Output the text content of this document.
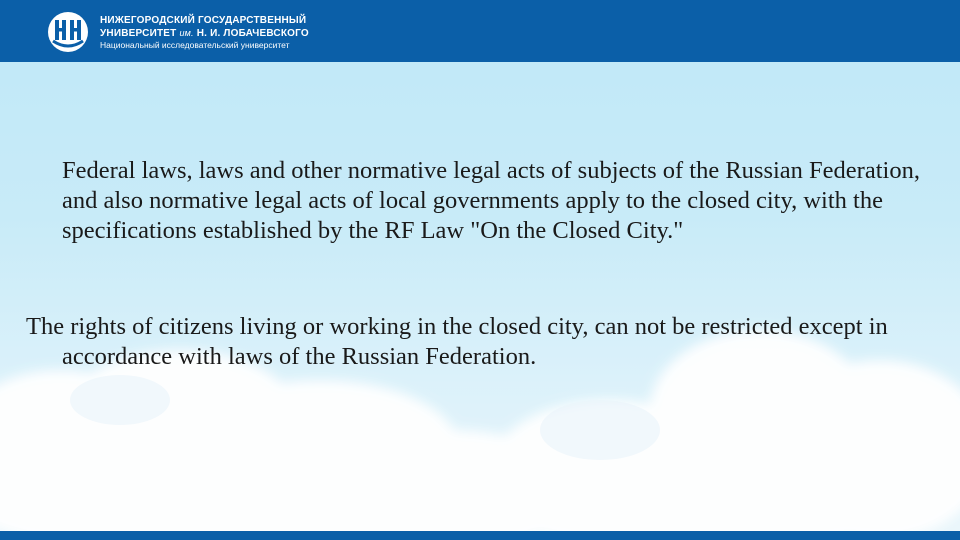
НИЖЕГОРОДСКИЙ ГОСУДАРСТВЕННЫЙ
УНИВЕРСИТЕТ им. Н. И. ЛОБАЧЕВСКОГО
Национальный исследовательский университет

Federal laws, laws and other normative legal acts of subjects of the Russian Federation, and also normative legal acts of local governments apply to the closed city, with the specifications established by the RF Law "On the Closed City."

The rights of citizens living or working in the closed city, can not be restricted except in accordance with laws of the Russian Federation.
